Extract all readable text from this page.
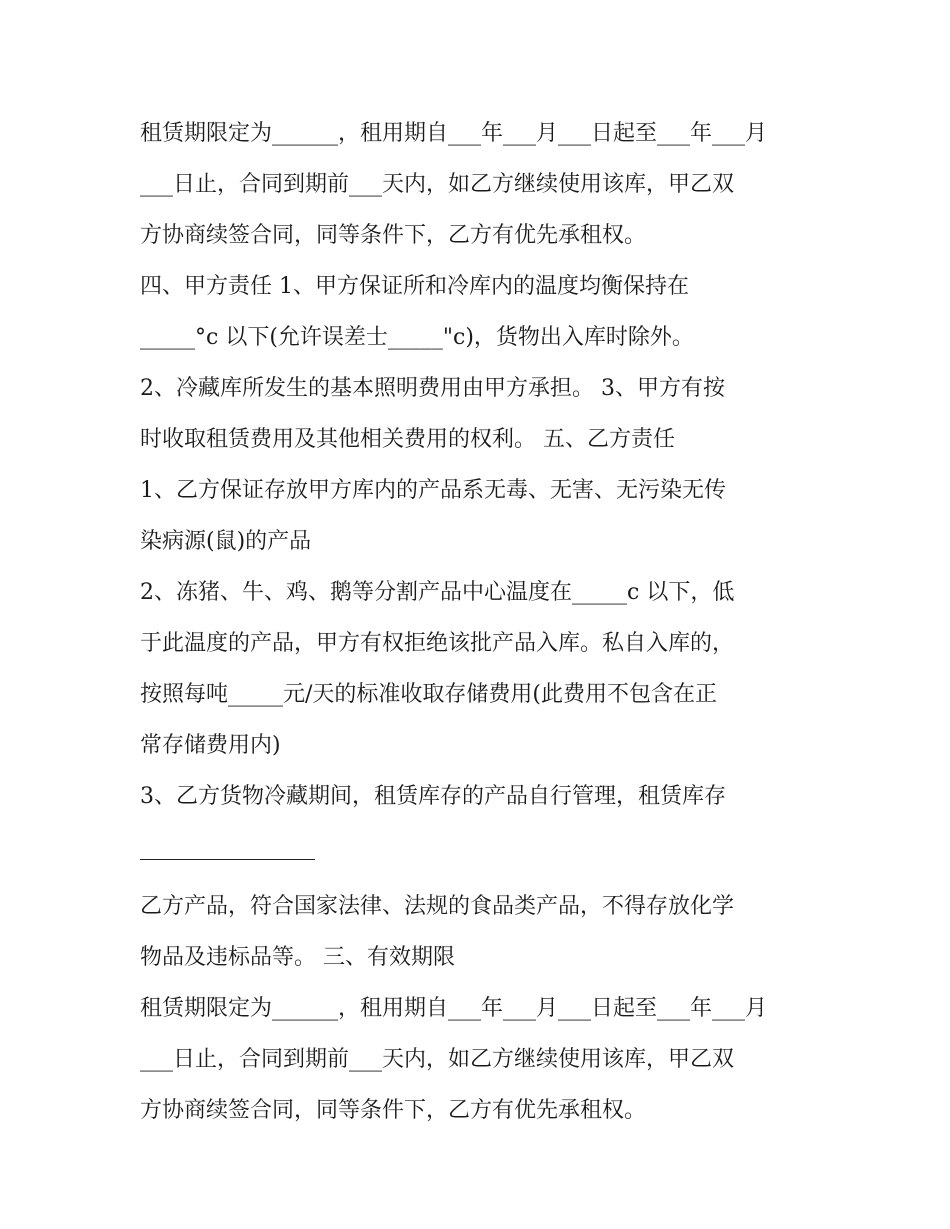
租赁期限定为______，租用期自___年___月___日起至___年___月
___日止，合同到期前___天内，如乙方继续使用该库，甲乙双
方协商续签合同，同等条件下，乙方有优先承租权。
四、甲方责任 1、甲方保证所和冷库内的温度均衡保持在
_____°c 以下(允许误差士_____"c)，货物出入库时除外。
2、冷藏库所发生的基本照明费用由甲方承担。 3、甲方有按
时收取租赁费用及其他相关费用的权利。 五、乙方责任
1、乙方保证存放甲方库内的产品系无毒、无害、无污染无传
染病源(鼠)的产品
2、冻猪、牛、鸡、鹅等分割产品中心温度在_____c 以下，低
于此温度的产品，甲方有权拒绝该批产品入库。私自入库的，
按照每吨_____元/天的标准收取存储费用(此费用不包含在正
常存储费用内)
3、乙方货物冷藏期间，租赁库存的产品自行管理，租赁库存
乙方产品，符合国家法律、法规的食品类产品，不得存放化学
物品及违标品等。 三、有效期限
租赁期限定为______，租用期自___年___月___日起至___年___月
___日止，合同到期前___天内，如乙方继续使用该库，甲乙双
方协商续签合同，同等条件下，乙方有优先承租权。
